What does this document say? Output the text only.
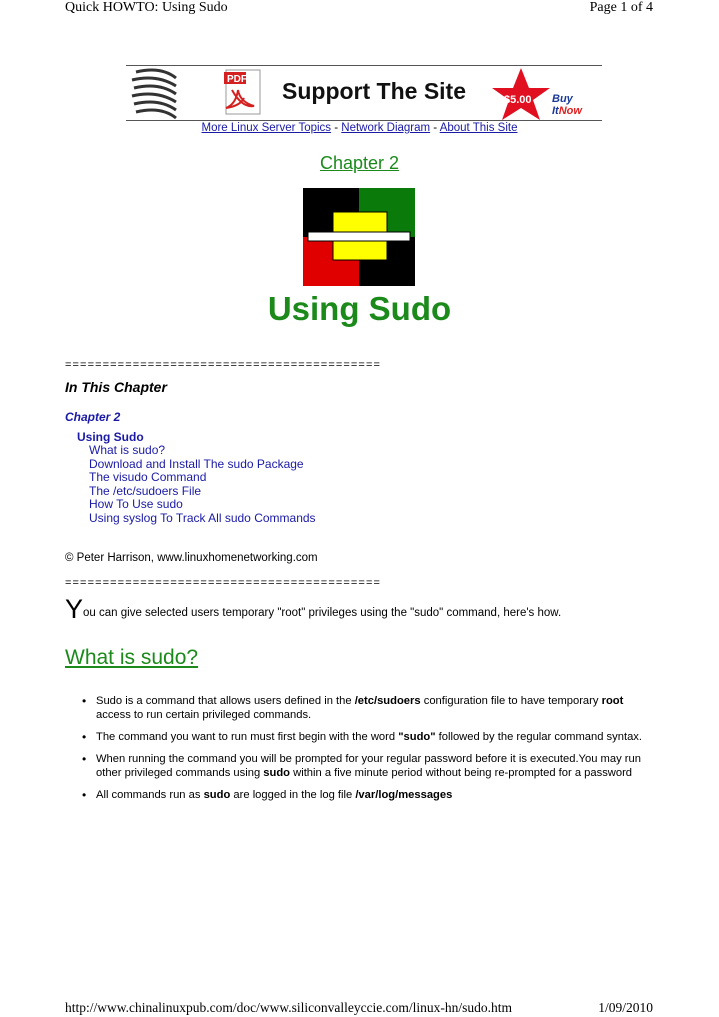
Quick HOWTO: Using Sudo	Page 1 of 4
PDF Support The Site	$5.00 Buy ItNow
More Linux Server Topics - Network Diagram - About This Site
Chapter 2
Using Sudo
==========================================
In This Chapter
Chapter 2
Using Sudo
What is sudo?
Download and Install The sudo Package
The visudo Command
The /etc/sudoers File
How To Use sudo
Using syslog To Track All sudo Commands
© Peter Harrison, www.linuxhomenetworking.com
==========================================
You can give selected users temporary "root" privileges using the "sudo" command, here's how.
What is sudo?
• Sudo is a command that allows users defined in the /etc/sudoers configuration file to have temporary root access to run certain privileged commands.
• The command you want to run must first begin with the word "sudo" followed by the regular command syntax.
• When running the command you will be prompted for your regular password before it is executed.You may run other privileged commands using sudo within a five minute period without being re-prompted for a password
• All commands run as sudo are logged in the log file /var/log/messages
http://www.chinalinuxpub.com/doc/www.siliconvalleyccie.com/linux-hn/sudo.htm	1/09/2010
